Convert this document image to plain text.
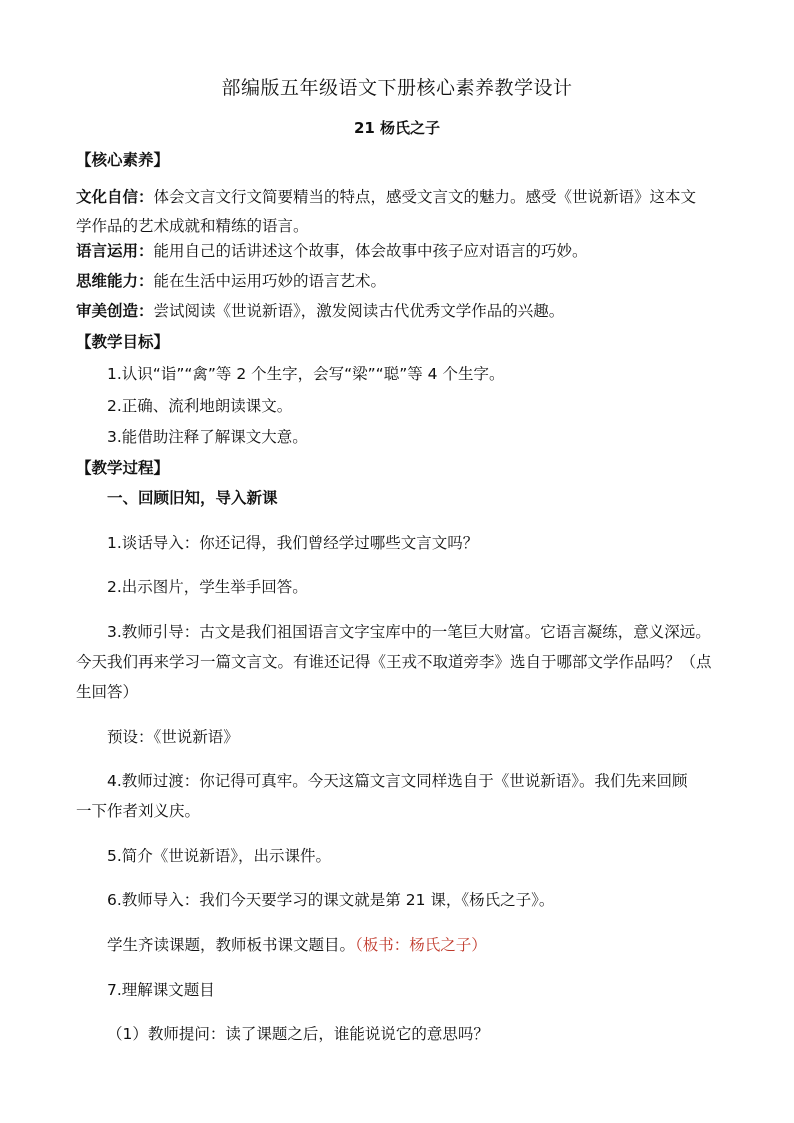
部编版五年级语文下册核心素养教学设计
21 杨氏之子
【核心素养】
文化自信：体会文言文行文简要精当的特点，感受文言文的魅力。感受《世说新语》这本文
学作品的艺术成就和精练的语言。
语言运用：能用自己的话讲述这个故事，体会故事中孩子应对语言的巧妙。
思维能力：能在生活中运用巧妙的语言艺术。
审美创造：尝试阅读《世说新语》，激发阅读古代优秀文学作品的兴趣。
【教学目标】
1.认识“诣”“禽”等 2 个生字，会写“梁”“聪”等 4 个生字。
2.正确、流利地朗读课文。
3.能借助注释了解课文大意。
【教学过程】
一、回顾旧知，导入新课
1.谈话导入：你还记得，我们曾经学过哪些文言文吗？
2.出示图片，学生举手回答。
3.教师引导：古文是我们祖国语言文字宝库中的一笔巨大财富。它语言凝练，意义深远。
今天我们再来学习一篇文言文。有谁还记得《王戎不取道旁李》选自于哪部文学作品吗？（点
生回答）
预设：《世说新语》
4.教师过渡：你记得可真牢。今天这篇文言文同样选自于《世说新语》。我们先来回顾
一下作者刘义庆。
5.简介《世说新语》，出示课件。
6.教师导入：我们今天要学习的课文就是第 21 课，《杨氏之子》。
学生齐读课题，教师板书课文题目。（板书：杨氏之子）
7.理解课文题目
（1）教师提问：读了课题之后，谁能说说它的意思吗？
